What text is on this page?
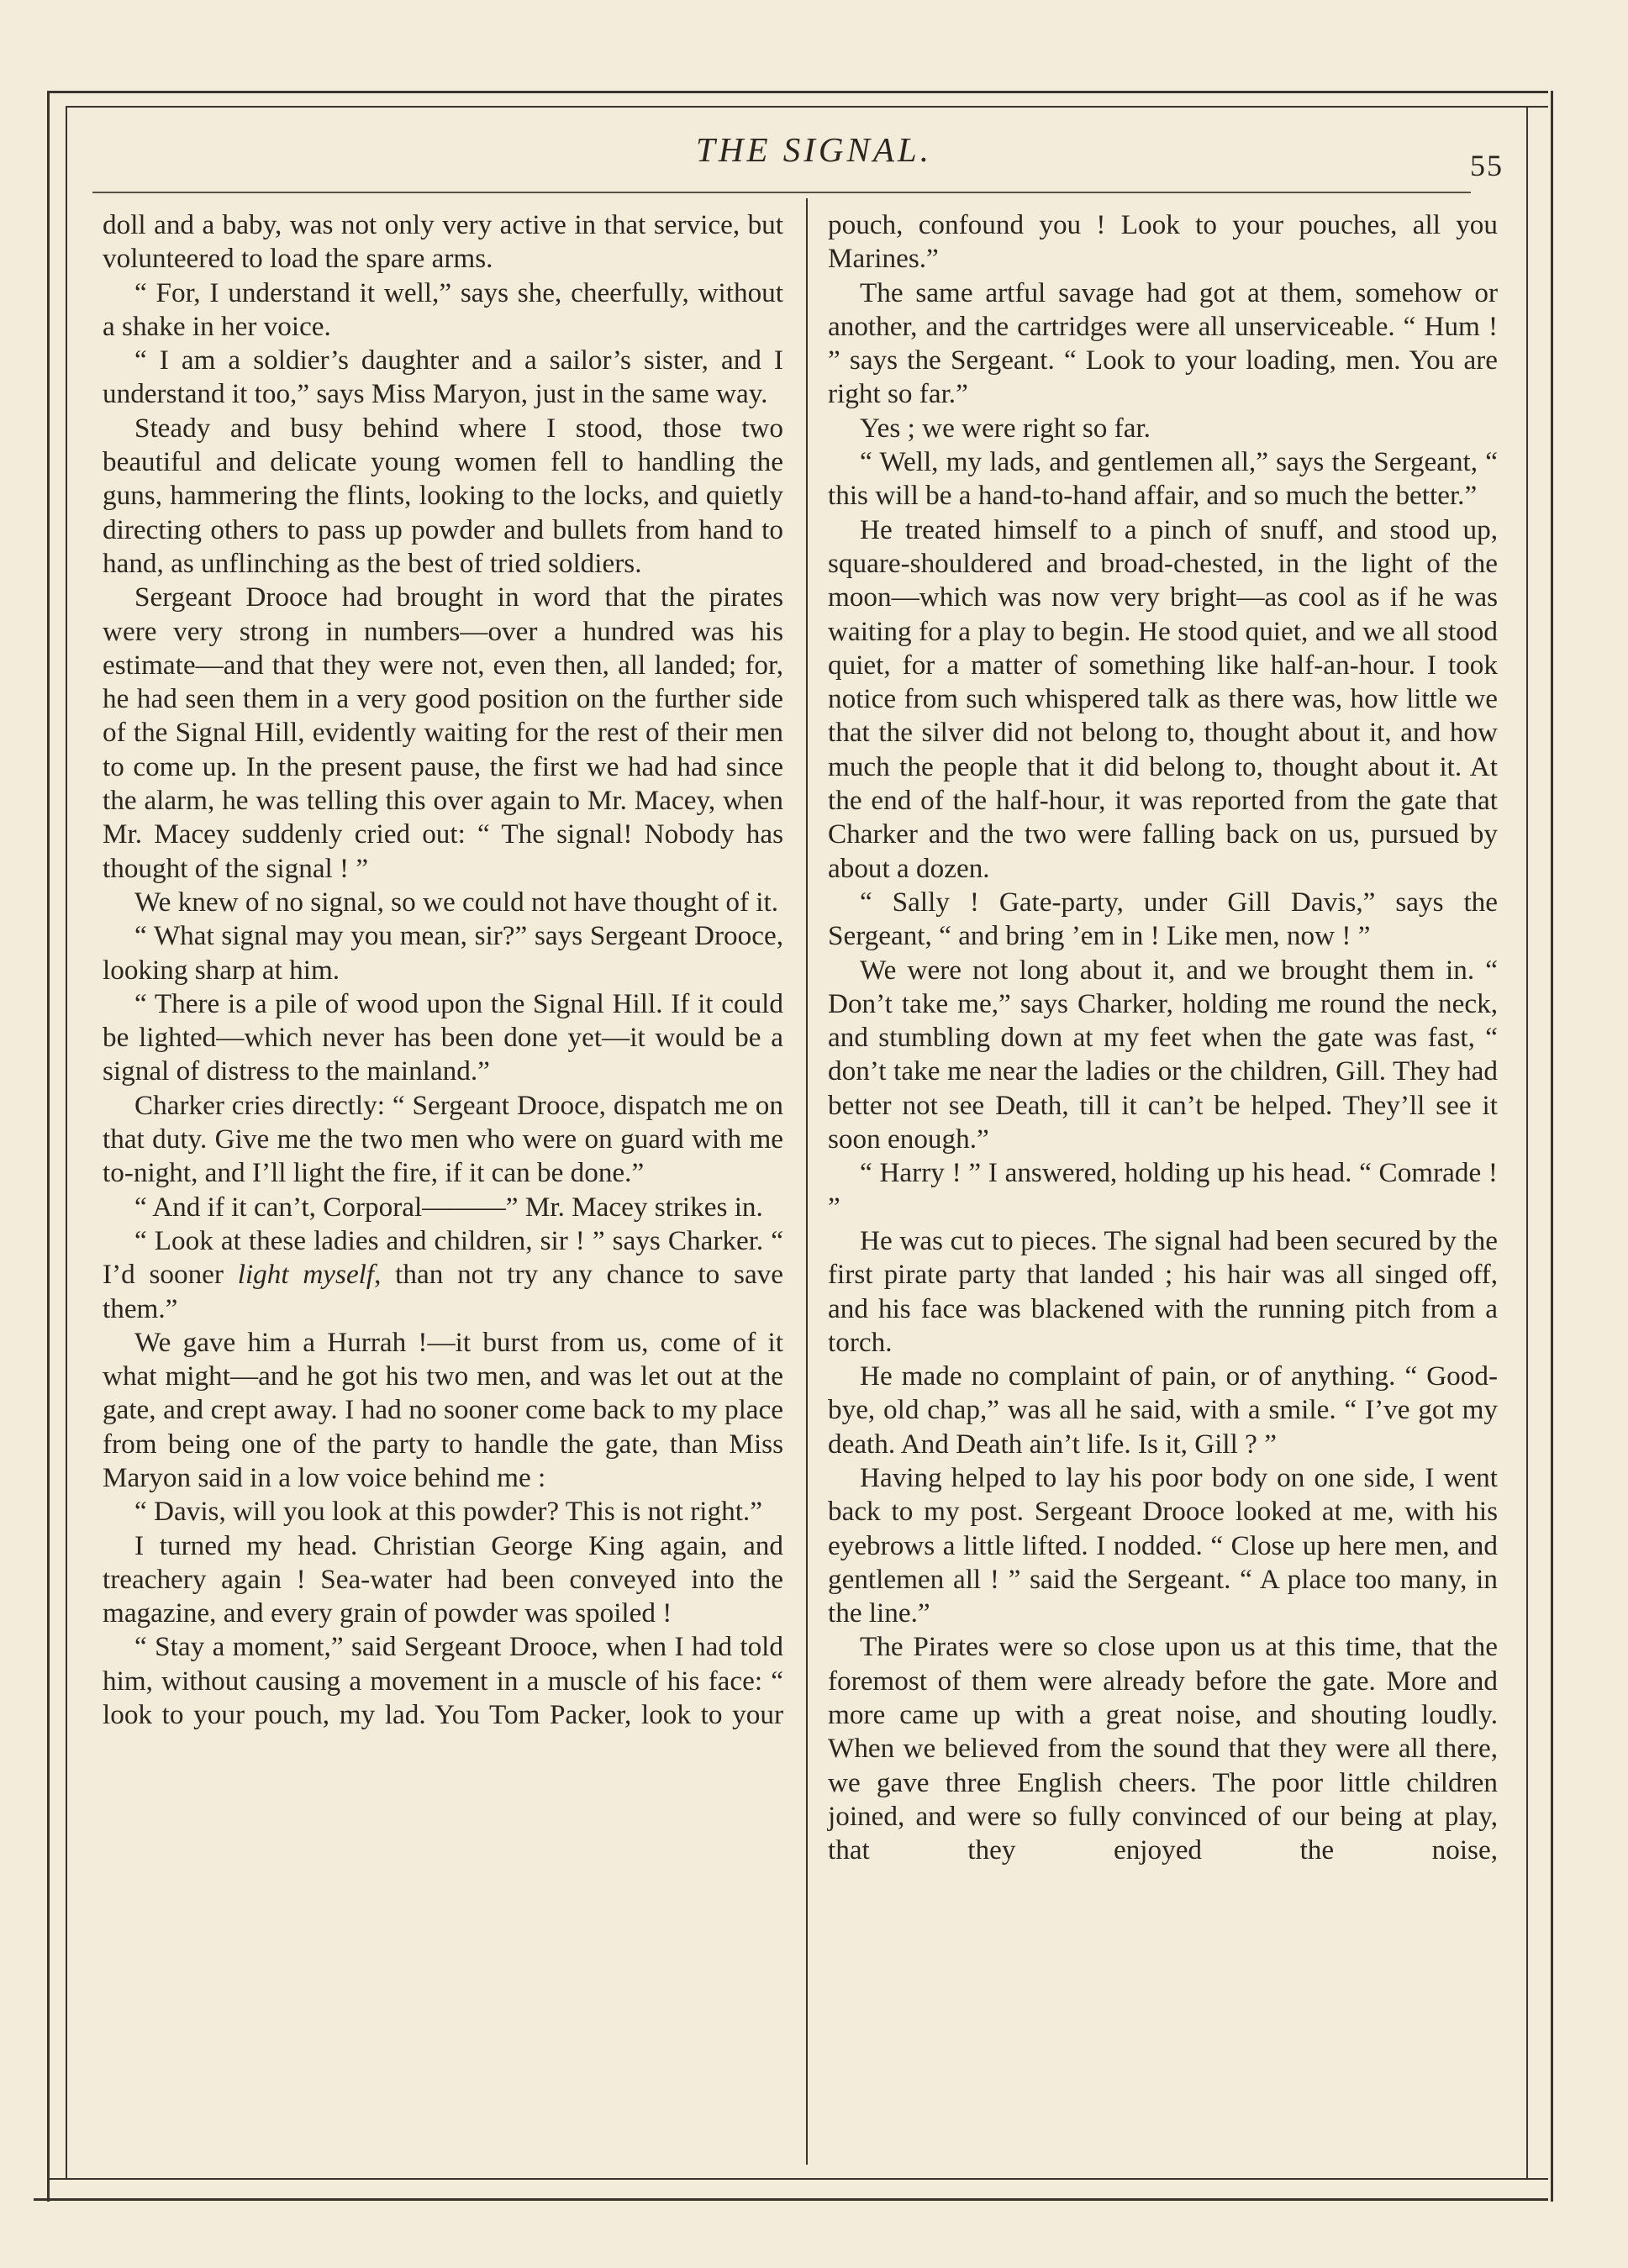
THE SIGNAL.	55

doll and a baby, was not only very active in that service, but volunteered to load the spare arms.

“ For, I understand it well,” says she, cheerfully, without a shake in her voice.

“ I am a soldier’s daughter and a sailor’s sister, and I understand it too,” says Miss Maryon, just in the same way.

Steady and busy behind where I stood, those two beautiful and delicate young women fell to handling the guns, hammering the flints, looking to the locks, and quietly directing others to pass up powder and bullets from hand to hand, as unflinching as the best of tried soldiers.

Sergeant Drooce had brought in word that the pirates were very strong in numbers—over a hundred was his estimate—and that they were not, even then, all landed; for, he had seen them in a very good position on the further side of the Signal Hill, evidently waiting for the rest of their men to come up. In the present pause, the first we had had since the alarm, he was telling this over again to Mr. Macey, when Mr. Macey suddenly cried out: “ The signal! Nobody has thought of the signal ! ”

We knew of no signal, so we could not have thought of it.

“ What signal may you mean, sir?” says Sergeant Drooce, looking sharp at him.

“ There is a pile of wood upon the Signal Hill. If it could be lighted—which never has been done yet—it would be a signal of distress to the mainland.”

Charker cries directly: “ Sergeant Drooce, dispatch me on that duty. Give me the two men who were on guard with me to-night, and I’ll light the fire, if it can be done.”

“ And if it can’t, Corporal———” Mr. Macey strikes in.

“ Look at these ladies and children, sir ! ” says Charker. “ I’d sooner light myself, than not try any chance to save them.”

We gave him a Hurrah !—it burst from us, come of it what might—and he got his two men, and was let out at the gate, and crept away. I had no sooner come back to my place from being one of the party to handle the gate, than Miss Maryon said in a low voice behind me :

“ Davis, will you look at this powder? This is not right.”

I turned my head. Christian George King again, and treachery again ! Sea-water had been conveyed into the magazine, and every grain of powder was spoiled !

“ Stay a moment,” said Sergeant Drooce, when I had told him, without causing a movement in a muscle of his face: “ look to your pouch, my lad. You Tom Packer, look to your

pouch, confound you ! Look to your pouches, all you Marines.”

The same artful savage had got at them, somehow or another, and the cartridges were all unserviceable. “ Hum ! ” says the Sergeant. “ Look to your loading, men. You are right so far.”

Yes ; we were right so far.

“ Well, my lads, and gentlemen all,” says the Sergeant, “ this will be a hand-to-hand affair, and so much the better.”

He treated himself to a pinch of snuff, and stood up, square-shouldered and broad-chested, in the light of the moon—which was now very bright—as cool as if he was waiting for a play to begin. He stood quiet, and we all stood quiet, for a matter of something like half-an-hour. I took notice from such whispered talk as there was, how little we that the silver did not belong to, thought about it, and how much the people that it did belong to, thought about it. At the end of the half-hour, it was reported from the gate that Charker and the two were falling back on us, pursued by about a dozen.

“ Sally ! Gate-party, under Gill Davis,” says the Sergeant, “ and bring ’em in ! Like men, now ! ”

We were not long about it, and we brought them in. “ Don’t take me,” says Charker, holding me round the neck, and stumbling down at my feet when the gate was fast, “ don’t take me near the ladies or the children, Gill. They had better not see Death, till it can’t be helped. They’ll see it soon enough.”

“ Harry ! ” I answered, holding up his head. “ Comrade ! ”

He was cut to pieces. The signal had been secured by the first pirate party that landed ; his hair was all singed off, and his face was blackened with the running pitch from a torch.

He made no complaint of pain, or of anything. “ Good-bye, old chap,” was all he said, with a smile. “ I’ve got my death. And Death ain’t life. Is it, Gill ? ”

Having helped to lay his poor body on one side, I went back to my post. Sergeant Drooce looked at me, with his eyebrows a little lifted. I nodded. “ Close up here men, and gentlemen all ! ” said the Sergeant. “ A place too many, in the line.”

The Pirates were so close upon us at this time, that the foremost of them were already before the gate. More and more came up with a great noise, and shouting loudly. When we believed from the sound that they were all there, we gave three English cheers. The poor little children joined, and were so fully convinced of our being at play, that they enjoyed the noise,
